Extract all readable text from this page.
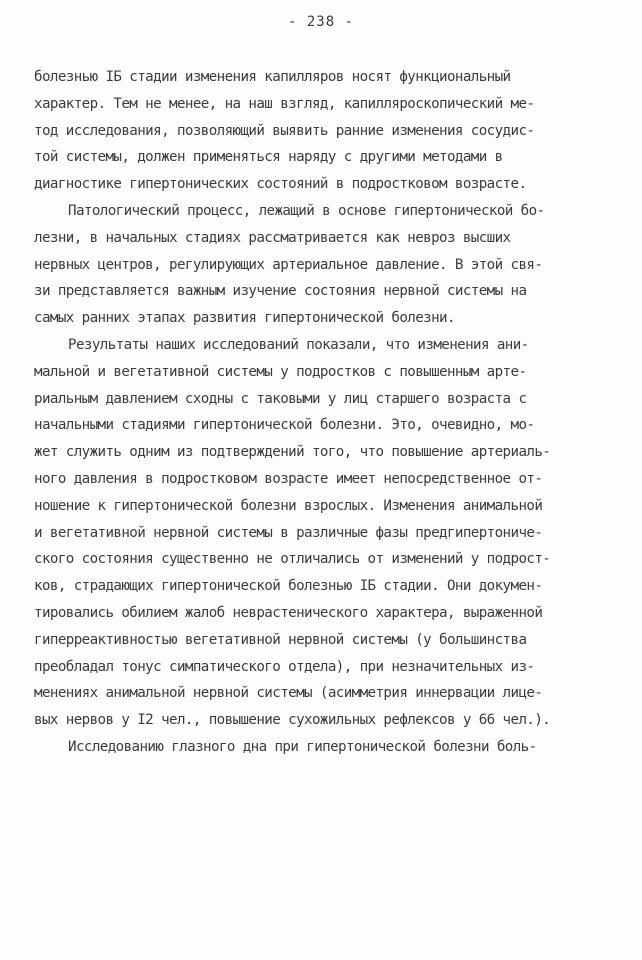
- 238 -
болезнью IБ стадии изменения капилляров носят функциональный
характер. Тем не менее, на наш взгляд, капилляроскопический ме-
тод исследования, позволяющий выявить ранние изменения сосудис-
той системы, должен применяться наряду с другими методами в
диагностике гипертонических состояний в подростковом возрасте.
Патологический процесс, лежащий в основе гипертонической бо-
лезни, в начальных стадиях рассматривается как невроз высших
нервных центров, регулирующих артериальное давление. В этой свя-
зи представляется важным изучение состояния нервной системы на
самых ранних этапах развития гипертонической болезни.
Результаты наших исследований показали, что изменения ани-
мальной и вегетативной системы у подростков с повышенным арте-
риальным давлением сходны с таковыми у лиц старшего возраста с
начальными стадиями гипертонической болезни. Это, очевидно, мо-
жет служить одним из подтверждений того, что повышение артериаль-
ного давления в подростковом возрасте имеет непосредственное от-
ношение к гипертонической болезни взрослых. Изменения анимальной
и вегетативной нервной системы в различные фазы предгипертониче-
ского состояния существенно не отличались от изменений у подрост-
ков, страдающих гипертонической болезнью IБ стадии. Они докумен-
тировались обилием жалоб неврастенического характера, выраженной
гиперреактивностью вегетативной нервной системы (у большинства
преобладал тонус симпатического отдела), при незначительных из-
менениях анимальной нервной системы (асимметрия иннервации лице-
вых нервов у I2 чел., повышение сухожильных рефлексов у 66 чел.).
Исследованию глазного дна при гипертонической болезни боль-
